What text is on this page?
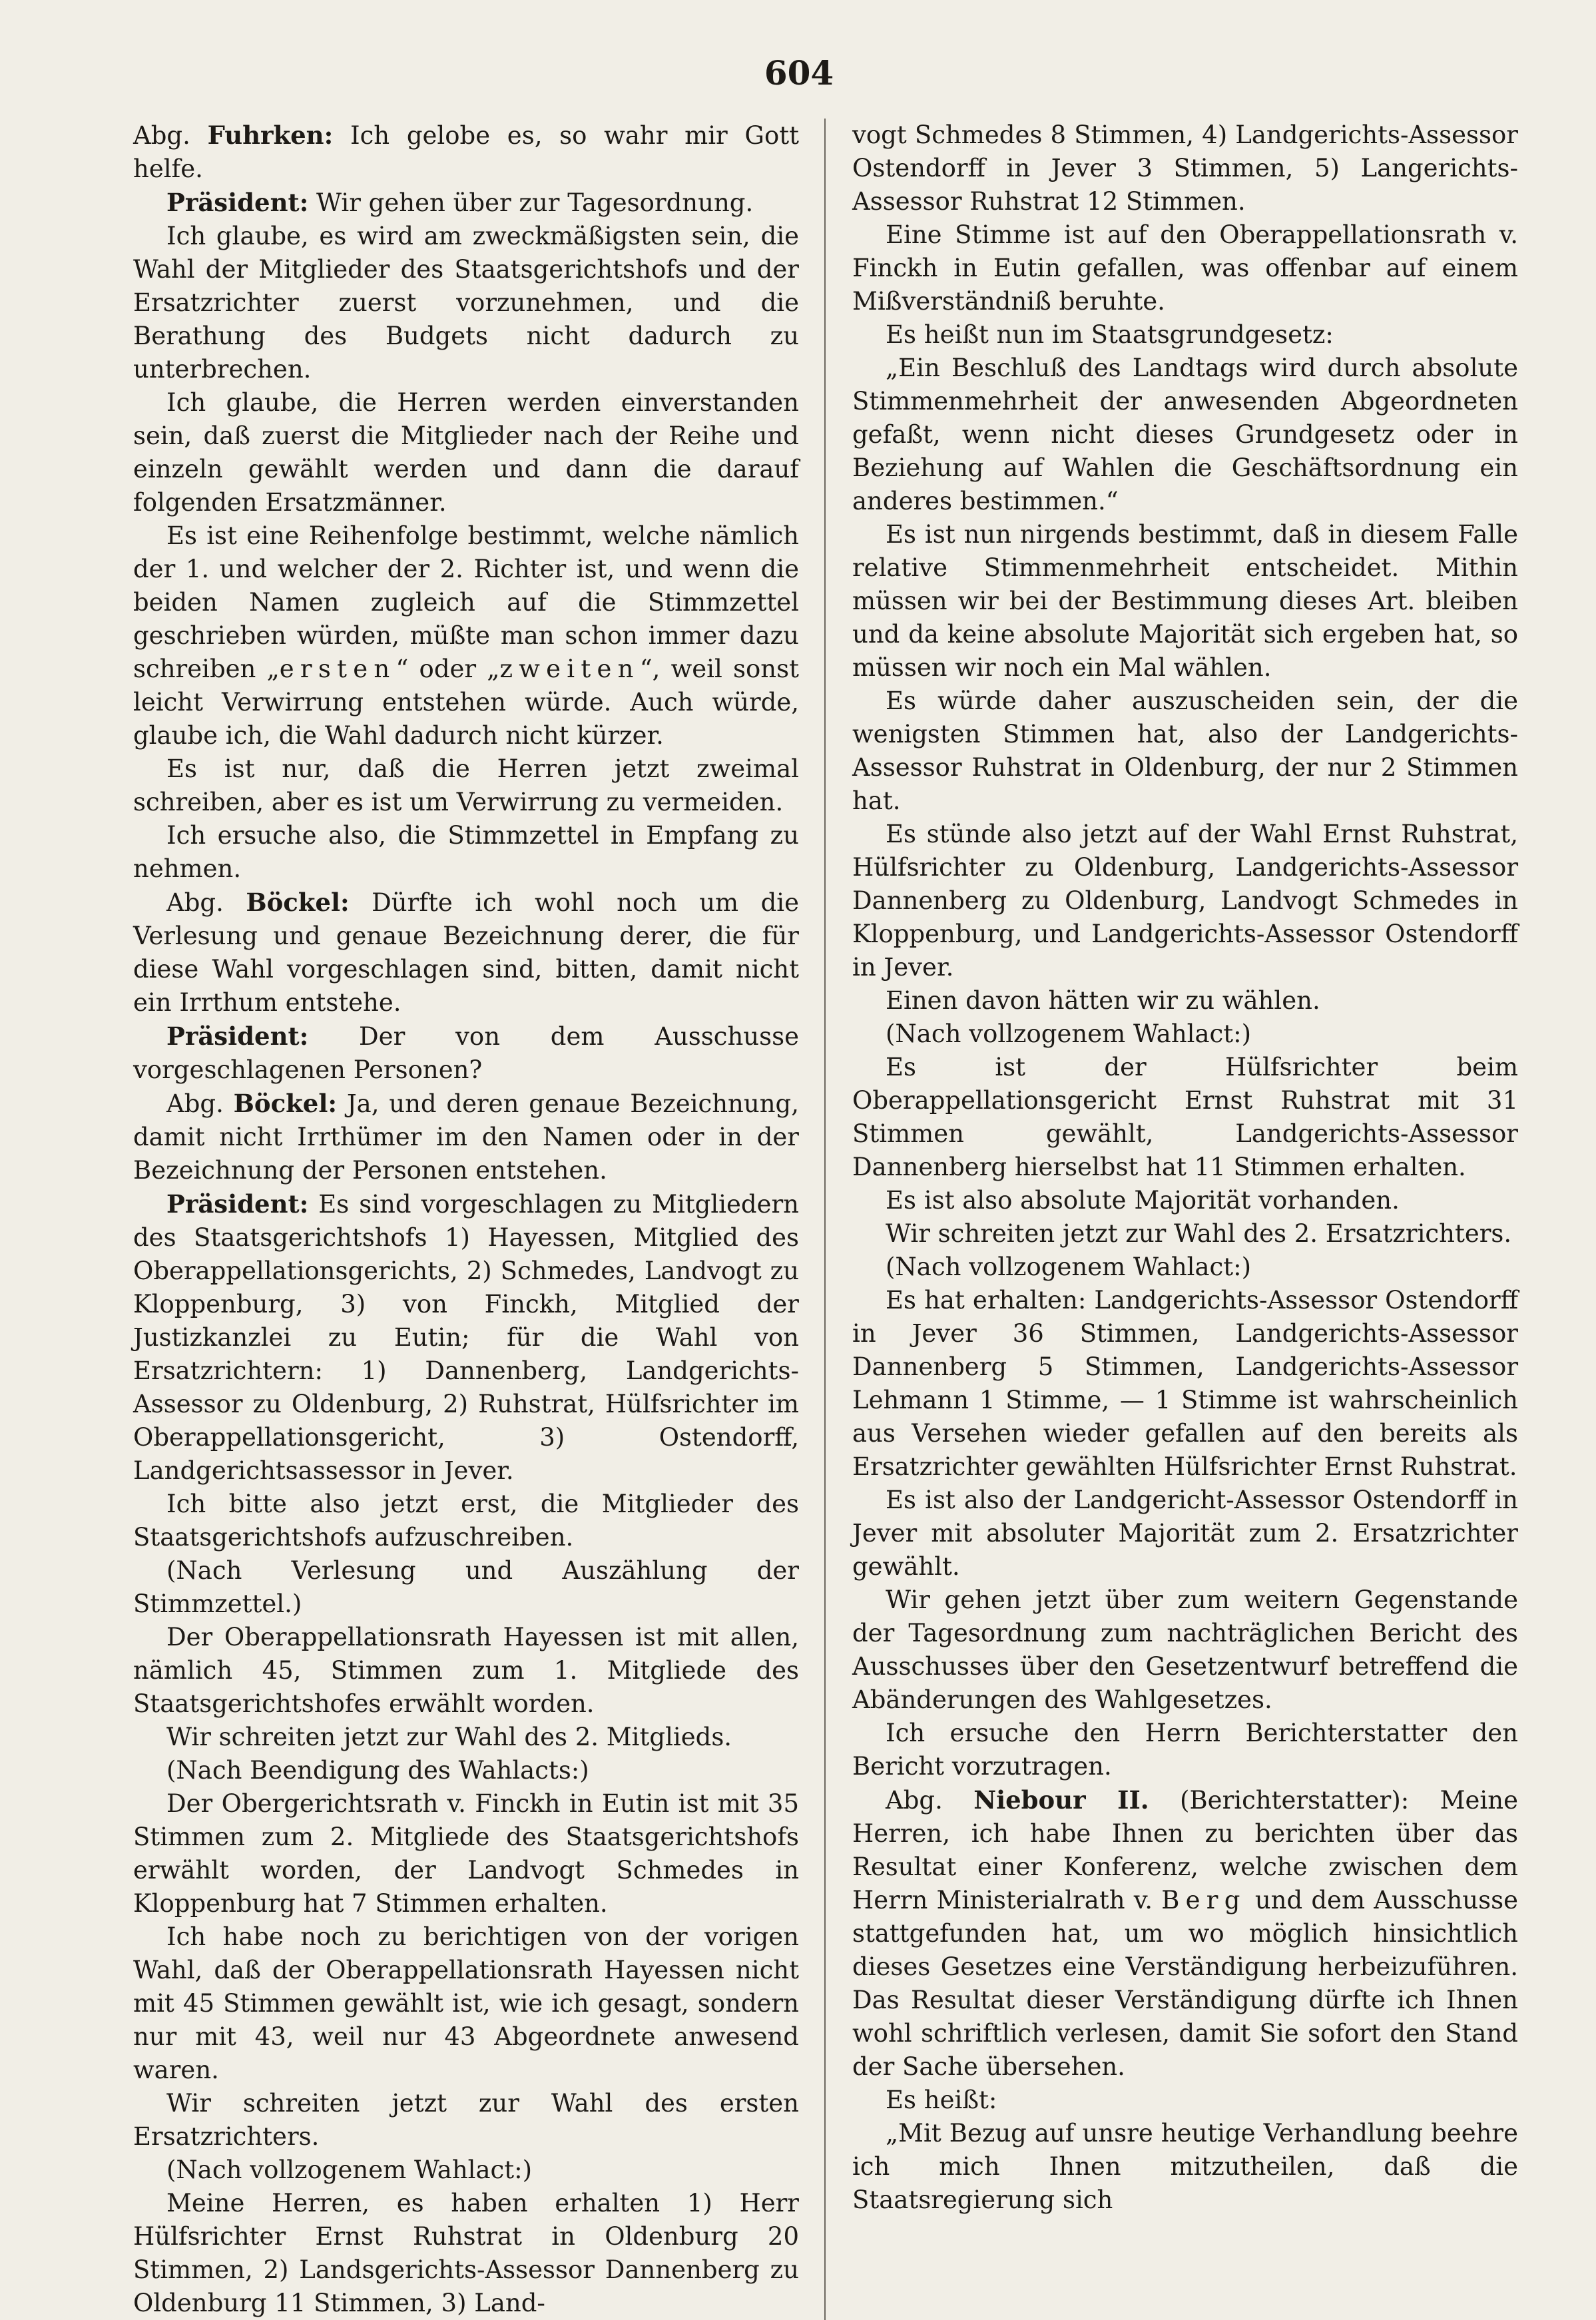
604

Abg. Fuhrken: Ich gelobe es, so wahr mir Gott helfe.

Präsident: Wir gehen über zur Tagesordnung.

Ich glaube, es wird am zweckmäßigsten sein, die Wahl der Mitglieder des Staatsgerichtshofs und der Ersatzrichter zuerst vorzunehmen, und die Berathung des Budgets nicht dadurch zu unterbrechen.

Ich glaube, die Herren werden einverstanden sein, daß zuerst die Mitglieder nach der Reihe und einzeln gewählt werden und dann die darauf folgenden Ersatzmänner.

Es ist eine Reihenfolge bestimmt, welche nämlich der 1. und welcher der 2. Richter ist, und wenn die beiden Namen zugleich auf die Stimmzettel geschrieben würden, müßte man schon immer dazu schreiben „ersten“ oder „zweiten“, weil sonst leicht Verwirrung entstehen würde. Auch würde, glaube ich, die Wahl dadurch nicht kürzer.

Es ist nur, daß die Herren jetzt zweimal schreiben, aber es ist um Verwirrung zu vermeiden.

Ich ersuche also, die Stimmzettel in Empfang zu nehmen.

Abg. Böckel: Dürfte ich wohl noch um die Verlesung und genaue Bezeichnung derer, die für diese Wahl vorgeschlagen sind, bitten, damit nicht ein Irrthum entstehe.

Präsident: Der von dem Ausschusse vorgeschlagenen Personen?

Abg. Böckel: Ja, und deren genaue Bezeichnung, damit nicht Irrthümer im den Namen oder in der Bezeichnung der Personen entstehen.

Präsident: Es sind vorgeschlagen zu Mitgliedern des Staatsgerichtshofs 1) Hayessen, Mitglied des Oberappellationsgerichts, 2) Schmedes, Landvogt zu Kloppenburg, 3) von Finckh, Mitglied der Justizkanzlei zu Eutin; für die Wahl von Ersatzrichtern: 1) Dannenberg, Landgerichts-Assessor zu Oldenburg, 2) Ruhstrat, Hülfsrichter im Oberappellationsgericht, 3) Ostendorff, Landgerichtsassessor in Jever.

Ich bitte also jetzt erst, die Mitglieder des Staatsgerichtshofs aufzuschreiben.

(Nach Verlesung und Auszählung der Stimmzettel.)

Der Oberappellationsrath Hayessen ist mit allen, nämlich 45, Stimmen zum 1. Mitgliede des Staatsgerichtshofes erwählt worden.

Wir schreiten jetzt zur Wahl des 2. Mitglieds.

(Nach Beendigung des Wahlacts:)

Der Obergerichtsrath v. Finckh in Eutin ist mit 35 Stimmen zum 2. Mitgliede des Staatsgerichtshofs erwählt worden, der Landvogt Schmedes in Kloppenburg hat 7 Stimmen erhalten.

Ich habe noch zu berichtigen von der vorigen Wahl, daß der Oberappellationsrath Hayessen nicht mit 45 Stimmen gewählt ist, wie ich gesagt, sondern nur mit 43, weil nur 43 Abgeordnete anwesend waren.

Wir schreiten jetzt zur Wahl des ersten Ersatzrichters.

(Nach vollzogenem Wahlact:)

Meine Herren, es haben erhalten 1) Herr Hülfsrichter Ernst Ruhstrat in Oldenburg 20 Stimmen, 2) Landsgerichts-Assessor Dannenberg zu Oldenburg 11 Stimmen, 3) Land-

vogt Schmedes 8 Stimmen, 4) Landgerichts-Assessor Ostendorff in Jever 3 Stimmen, 5) Langerichts-Assessor Ruhstrat 12 Stimmen.

Eine Stimme ist auf den Oberappellationsrath v. Finckh in Eutin gefallen, was offenbar auf einem Mißverständniß beruhte.

Es heißt nun im Staatsgrundgesetz:

„Ein Beschluß des Landtags wird durch absolute Stimmenmehrheit der anwesenden Abgeordneten gefaßt, wenn nicht dieses Grundgesetz oder in Beziehung auf Wahlen die Geschäftsordnung ein anderes bestimmen.“

Es ist nun nirgends bestimmt, daß in diesem Falle relative Stimmenmehrheit entscheidet. Mithin müssen wir bei der Bestimmung dieses Art. bleiben und da keine absolute Majorität sich ergeben hat, so müssen wir noch ein Mal wählen.

Es würde daher auszuscheiden sein, der die wenigsten Stimmen hat, also der Landgerichts-Assessor Ruhstrat in Oldenburg, der nur 2 Stimmen hat.

Es stünde also jetzt auf der Wahl Ernst Ruhstrat, Hülfsrichter zu Oldenburg, Landgerichts-Assessor Dannenberg zu Oldenburg, Landvogt Schmedes in Kloppenburg, und Landgerichts-Assessor Ostendorff in Jever.

Einen davon hätten wir zu wählen.

(Nach vollzogenem Wahlact:)

Es ist der Hülfsrichter beim Oberappellationsgericht Ernst Ruhstrat mit 31 Stimmen gewählt, Landgerichts-Assessor Dannenberg hierselbst hat 11 Stimmen erhalten.

Es ist also absolute Majorität vorhanden.

Wir schreiten jetzt zur Wahl des 2. Ersatzrichters.

(Nach vollzogenem Wahlact:)

Es hat erhalten: Landgerichts-Assessor Ostendorff in Jever 36 Stimmen, Landgerichts-Assessor Dannenberg 5 Stimmen, Landgerichts-Assessor Lehmann 1 Stimme, — 1 Stimme ist wahrscheinlich aus Versehen wieder gefallen auf den bereits als Ersatzrichter gewählten Hülfsrichter Ernst Ruhstrat.

Es ist also der Landgericht-Assessor Ostendorff in Jever mit absoluter Majorität zum 2. Ersatzrichter gewählt.

Wir gehen jetzt über zum weitern Gegenstande der Tagesordnung zum nachträglichen Bericht des Ausschusses über den Gesetzentwurf betreffend die Abänderungen des Wahlgesetzes.

Ich ersuche den Herrn Berichterstatter den Bericht vorzutragen.

Abg. Niebour II. (Berichterstatter): Meine Herren, ich habe Ihnen zu berichten über das Resultat einer Konferenz, welche zwischen dem Herrn Ministerialrath v. Berg und dem Ausschusse stattgefunden hat, um wo möglich hinsichtlich dieses Gesetzes eine Verständigung herbeizuführen. Das Resultat dieser Verständigung dürfte ich Ihnen wohl schriftlich verlesen, damit Sie sofort den Stand der Sache übersehen.

Es heißt:

„Mit Bezug auf unsre heutige Verhandlung beehre ich mich Ihnen mitzutheilen, daß die Staatsregierung sich
